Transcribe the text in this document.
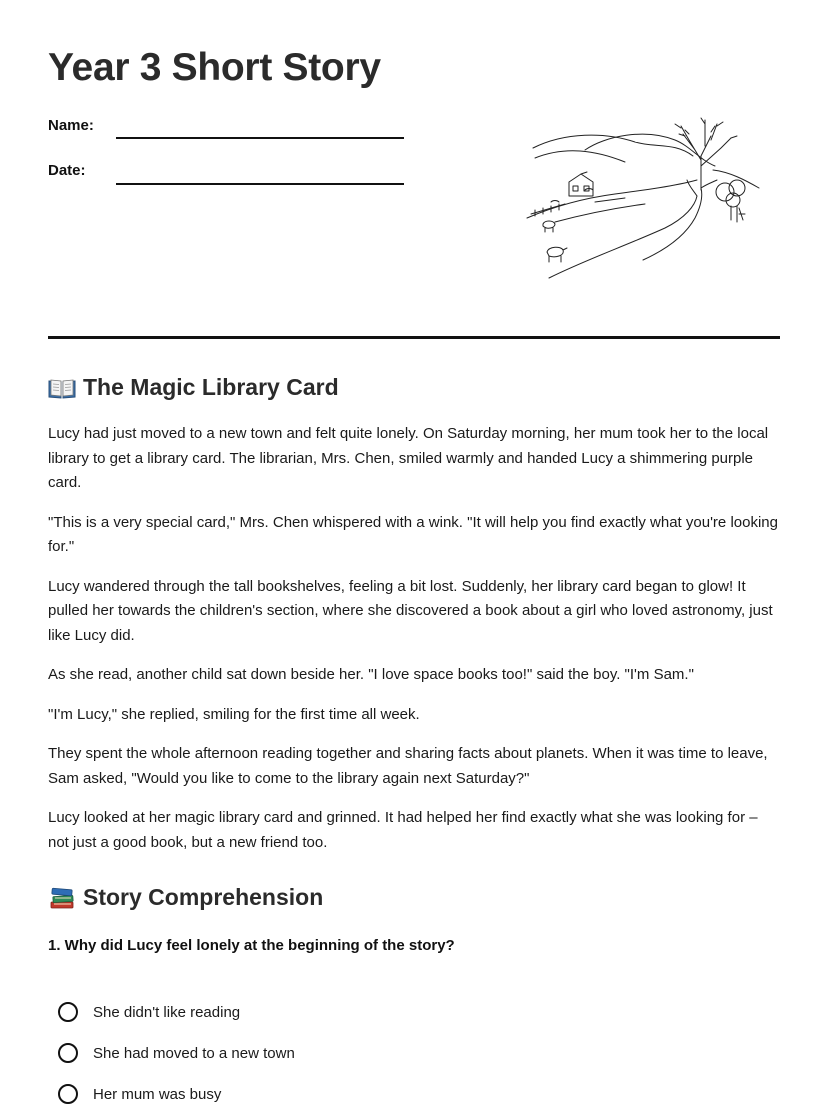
Year 3 Short Story
Name:
Date:
The Magic Library Card

Lucy had just moved to a new town and felt quite lonely. On Saturday morning, her mum took her to the local library to get a library card. The librarian, Mrs. Chen, smiled warmly and handed Lucy a shimmering purple card.

"This is a very special card," Mrs. Chen whispered with a wink. "It will help you find exactly what you're looking for."

Lucy wandered through the tall bookshelves, feeling a bit lost. Suddenly, her library card began to glow! It pulled her towards the children's section, where she discovered a book about a girl who loved astronomy, just like Lucy did.

As she read, another child sat down beside her. "I love space books too!" said the boy. "I'm Sam."

"I'm Lucy," she replied, smiling for the first time all week.

They spent the whole afternoon reading together and sharing facts about planets. When it was time to leave, Sam asked, "Would you like to come to the library again next Saturday?"

Lucy looked at her magic library card and grinned. It had helped her find exactly what she was looking for – not just a good book, but a new friend too.

Story Comprehension
1. Why did Lucy feel lonely at the beginning of the story?
She didn't like reading
She had moved to a new town
Her mum was busy
